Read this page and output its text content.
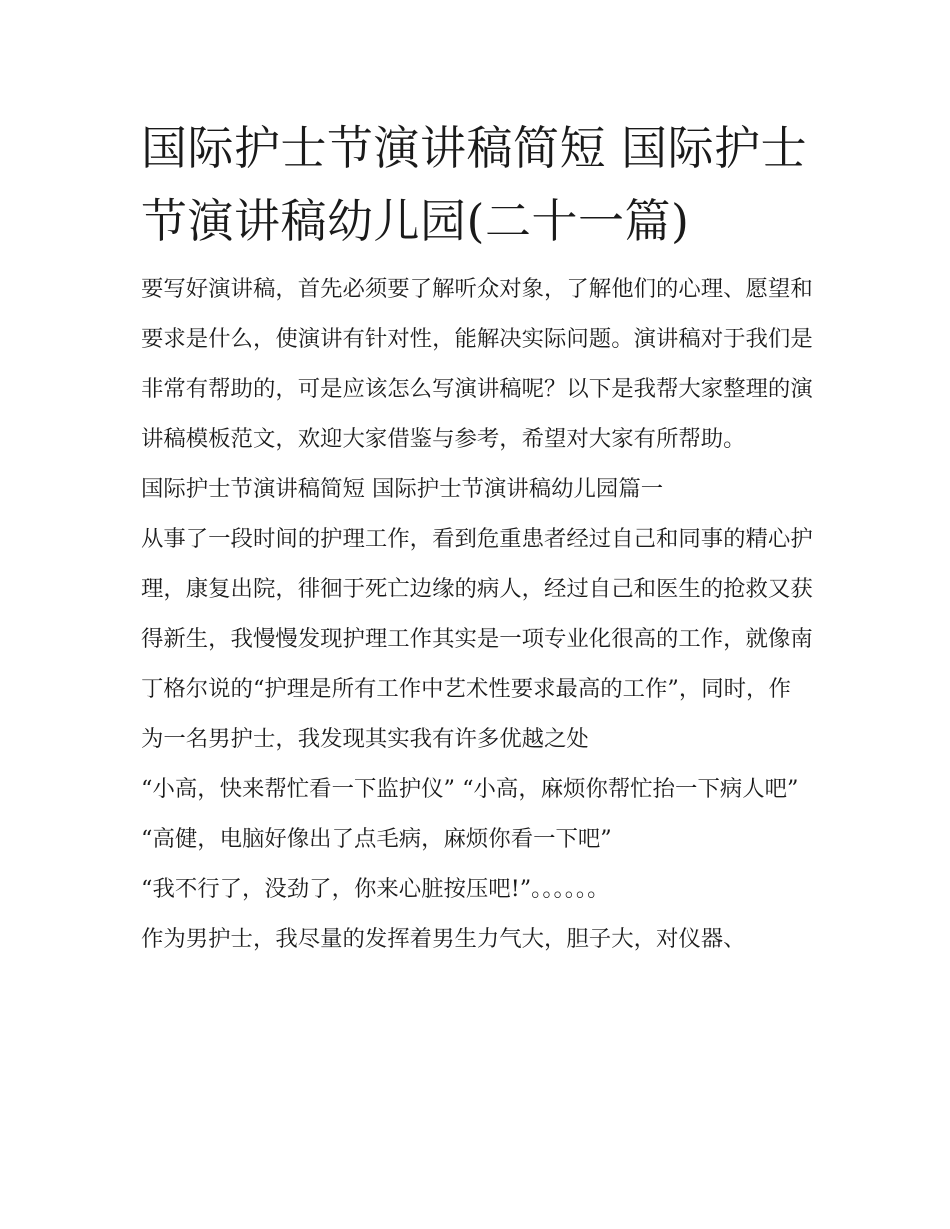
国际护士节演讲稿简短 国际护士节演讲稿幼儿园(二十一篇)

要写好演讲稿，首先必须要了解听众对象，了解他们的心理、愿望和要求是什么，使演讲有针对性，能解决实际问题。演讲稿对于我们是非常有帮助的，可是应该怎么写演讲稿呢？以下是我帮大家整理的演讲稿模板范文，欢迎大家借鉴与参考，希望对大家有所帮助。

国际护士节演讲稿简短 国际护士节演讲稿幼儿园篇一

从事了一段时间的护理工作，看到危重患者经过自己和同事的精心护理，康复出院，徘徊于死亡边缘的病人，经过自己和医生的抢救又获得新生，我慢慢发现护理工作其实是一项专业化很高的工作，就像南丁格尔说的“护理是所有工作中艺术性要求最高的工作”，同时，作为一名男护士，我发现其实我有许多优越之处

“小高，快来帮忙看一下监护仪” “小高，麻烦你帮忙抬一下病人吧” “高健，电脑好像出了点毛病，麻烦你看一下吧”

“我不行了，没劲了，你来心脏按压吧!”。。。。。。

作为男护士，我尽量的发挥着男生力气大，胆子大，对仪器、
